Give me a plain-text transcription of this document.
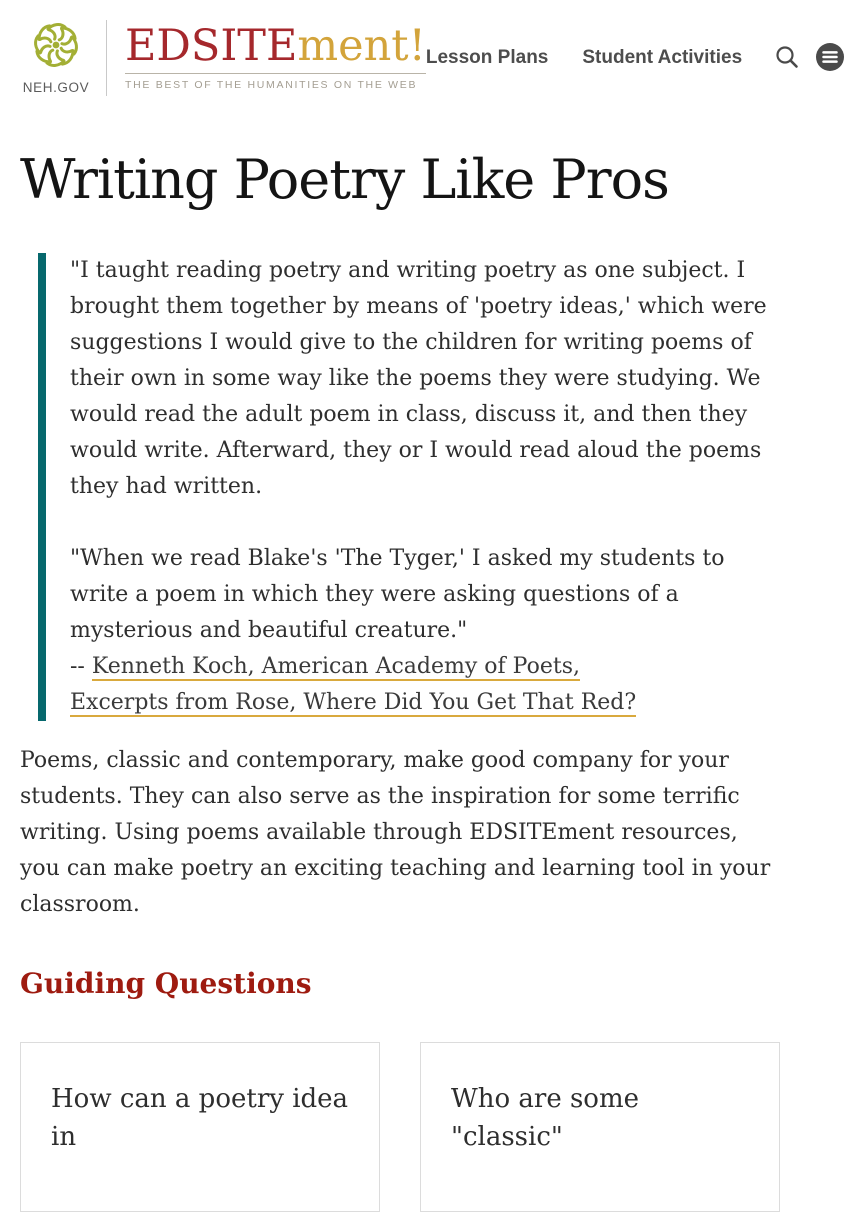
NEH.GOV
EDSITEment!
THE BEST OF THE HUMANITIES ON THE WEB
Lesson Plans Student Activities
Writing Poetry Like Pros

"I taught reading poetry and writing poetry as one subject. I brought them together by means of 'poetry ideas,' which were suggestions I would give to the children for writing poems of their own in some way like the poems they were studying. We would read the adult poem in class, discuss it, and then they would write. Afterward, they or I would read aloud the poems they had written.

"When we read Blake's 'The Tyger,' I asked my students to write a poem in which they were asking questions of a mysterious and beautiful creature."

-- Kenneth Koch, American Academy of Poets,
Excerpts from Rose, Where Did You Get That Red?

Poems, classic and contemporary, make good company for your students. They can also serve as the inspiration for some terrific writing. Using poems available through EDSITEment resources, you can make poetry an exciting teaching and learning tool in your classroom.

Guiding Questions
How can a poetry idea in
Who are some "classic"
